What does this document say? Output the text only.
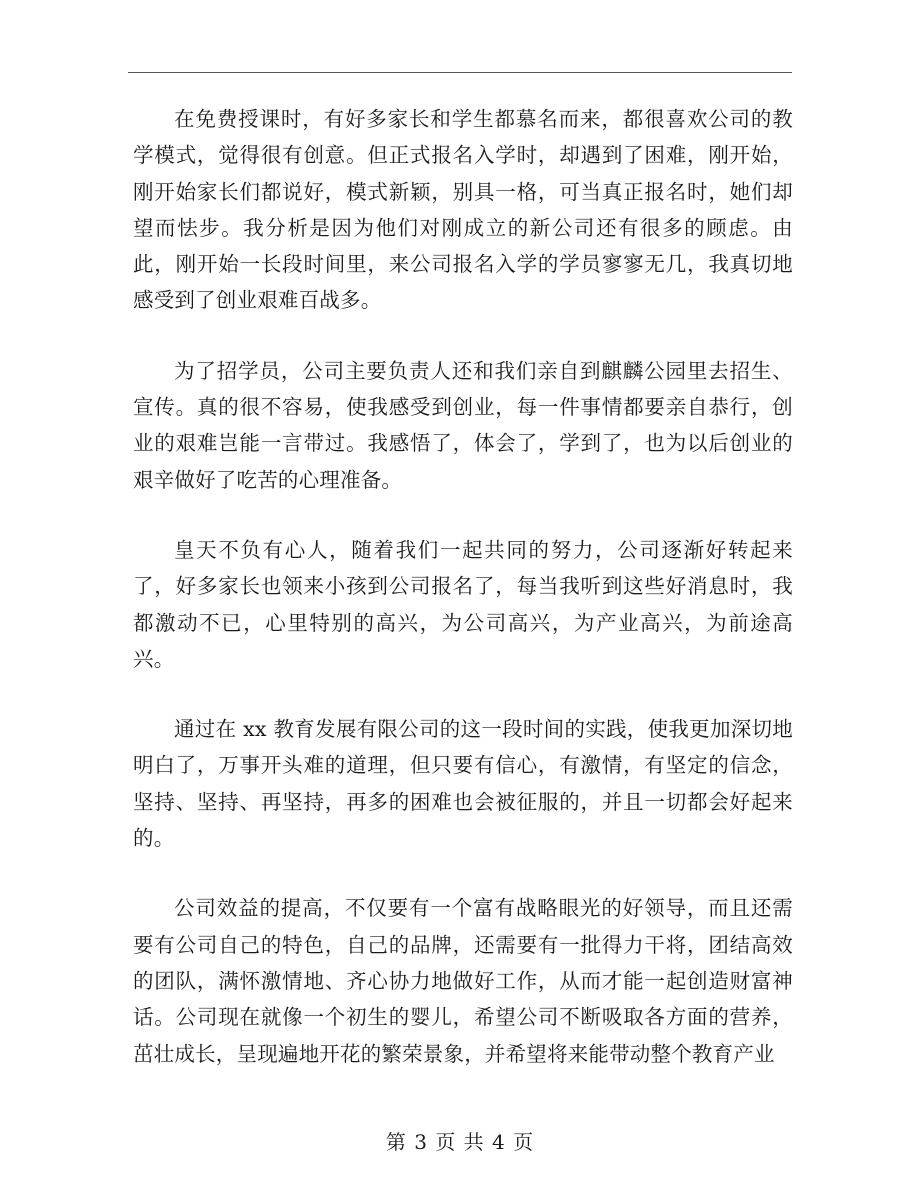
在免费授课时，有好多家长和学生都慕名而来，都很喜欢公司的教学模式，觉得很有创意。但正式报名入学时，却遇到了困难，刚开始，刚开始家长们都说好，模式新颖，别具一格，可当真正报名时，她们却望而怯步。我分析是因为他们对刚成立的新公司还有很多的顾虑。由此，刚开始一长段时间里，来公司报名入学的学员寥寥无几，我真切地感受到了创业艰难百战多。

为了招学员，公司主要负责人还和我们亲自到麒麟公园里去招生、宣传。真的很不容易，使我感受到创业，每一件事情都要亲自恭行，创业的艰难岂能一言带过。我感悟了，体会了，学到了，也为以后创业的艰辛做好了吃苦的心理准备。

皇天不负有心人，随着我们一起共同的努力，公司逐渐好转起来了，好多家长也领来小孩到公司报名了，每当我听到这些好消息时，我都激动不已，心里特别的高兴，为公司高兴，为产业高兴，为前途高兴。

通过在 xx 教育发展有限公司的这一段时间的实践，使我更加深切地明白了，万事开头难的道理，但只要有信心，有激情，有坚定的信念，坚持、坚持、再坚持，再多的困难也会被征服的，并且一切都会好起来的。

公司效益的提高，不仅要有一个富有战略眼光的好领导，而且还需要有公司自己的特色，自己的品牌，还需要有一批得力干将，团结高效的团队，满怀激情地、齐心协力地做好工作，从而才能一起创造财富神话。公司现在就像一个初生的婴儿，希望公司不断吸取各方面的营养，茁壮成长，呈现遍地开花的繁荣景象，并希望将来能带动整个教育产业

第 3 页 共 4 页
